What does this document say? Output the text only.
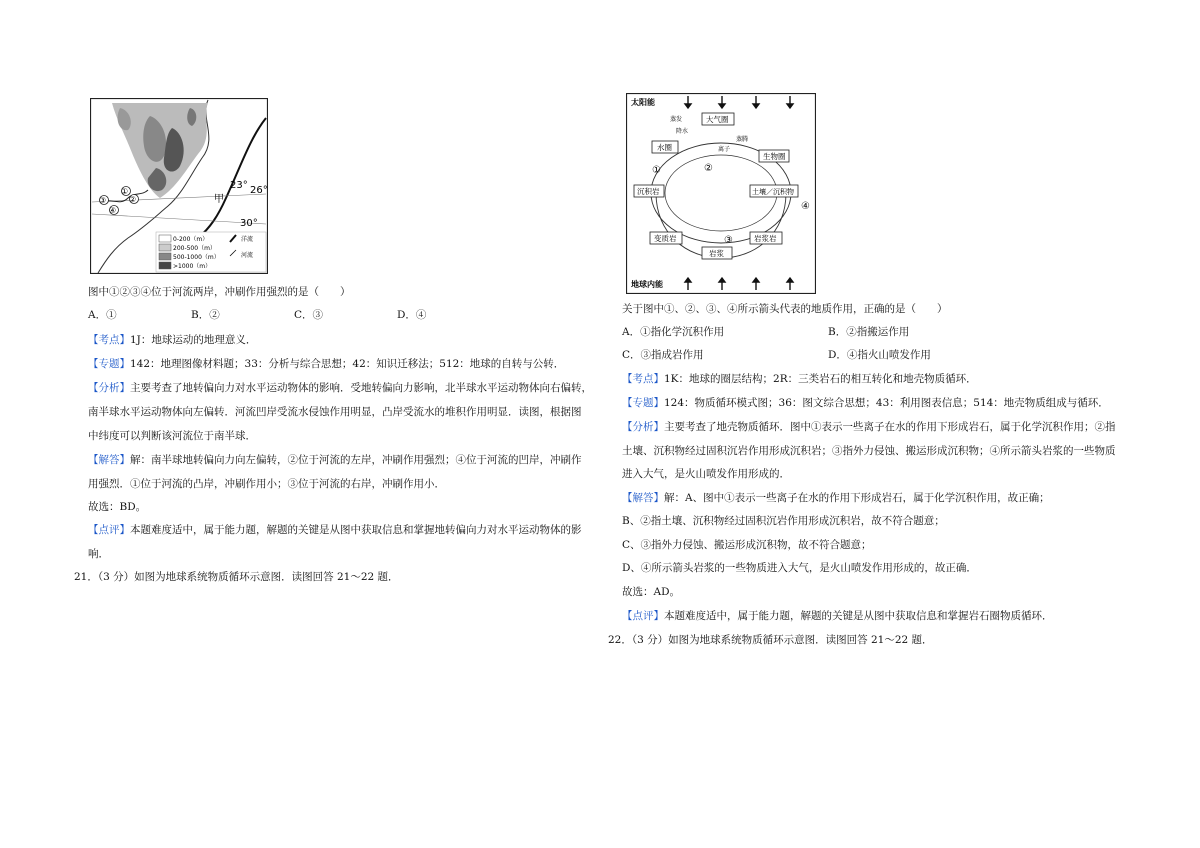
①
②
③
④
23° 26°
30°
甲
0-200（m）
200-500（m）
500-1000（m）
>1000（m）
洋流
河流
图中①②③④位于河流两岸，冲刷作用强烈的是（　　）
A．①	B．②	C．③	D．④
【考点】1J：地球运动的地理意义．
【专题】142：地理图像材料题；33：分析与综合思想；42：知识迁移法；512：地球的自转与公转．
【分析】主要考查了地转偏向力对水平运动物体的影响．受地转偏向力影响，北半球水平运动物体向右偏转，
南半球水平运动物体向左偏转．河流凹岸受流水侵蚀作用明显，凸岸受流水的堆积作用明显．读图，根据图
中纬度可以判断该河流位于南半球．
【解答】解：南半球地转偏向力向左偏转，②位于河流的左岸，冲刷作用强烈；④位于河流的凹岸，冲刷作
用强烈．①位于河流的凸岸，冲刷作用小；③位于河流的右岸，冲刷作用小．
故选：BD。
【点评】本题难度适中，属于能力题，解题的关键是从图中获取信息和掌握地转偏向力对水平运动物体的影
响．
21．（3 分）如图为地球系统物质循环示意图．读图回答 21～22 题．
太阳能
地球内能
大气圈
水圈
生物圈
沉积岩	土壤／沉积物
变质岩	岩浆岩
岩浆
蒸发
降水
离子
蒸腾
①	②
③
④
关于图中①、②、③、④所示箭头代表的地质作用，正确的是（　　）
A．①指化学沉积作用	B．②指搬运作用
C．③指成岩作用	D．④指火山喷发作用
【考点】1K：地球的圈层结构；2R：三类岩石的相互转化和地壳物质循环．
【专题】124：物质循环模式图；36：图文综合思想；43：利用图表信息；514：地壳物质组成与循环．
【分析】主要考查了地壳物质循环．图中①表示一些离子在水的作用下形成岩石，属于化学沉积作用；②指
土壤、沉积物经过固积沉岩作用形成沉积岩；③指外力侵蚀、搬运形成沉积物；④所示箭头岩浆的一些物质
进入大气，是火山喷发作用形成的．
【解答】解：A、图中①表示一些离子在水的作用下形成岩石，属于化学沉积作用，故正确；
B、②指土壤、沉积物经过固积沉岩作用形成沉积岩，故不符合题意；
C、③指外力侵蚀、搬运形成沉积物，故不符合题意；
D、④所示箭头岩浆的一些物质进入大气，是火山喷发作用形成的，故正确．
故选：AD。
【点评】本题难度适中，属于能力题，解题的关键是从图中获取信息和掌握岩石圈物质循环．
22．（3 分）如图为地球系统物质循环示意图．读图回答 21～22 题．
